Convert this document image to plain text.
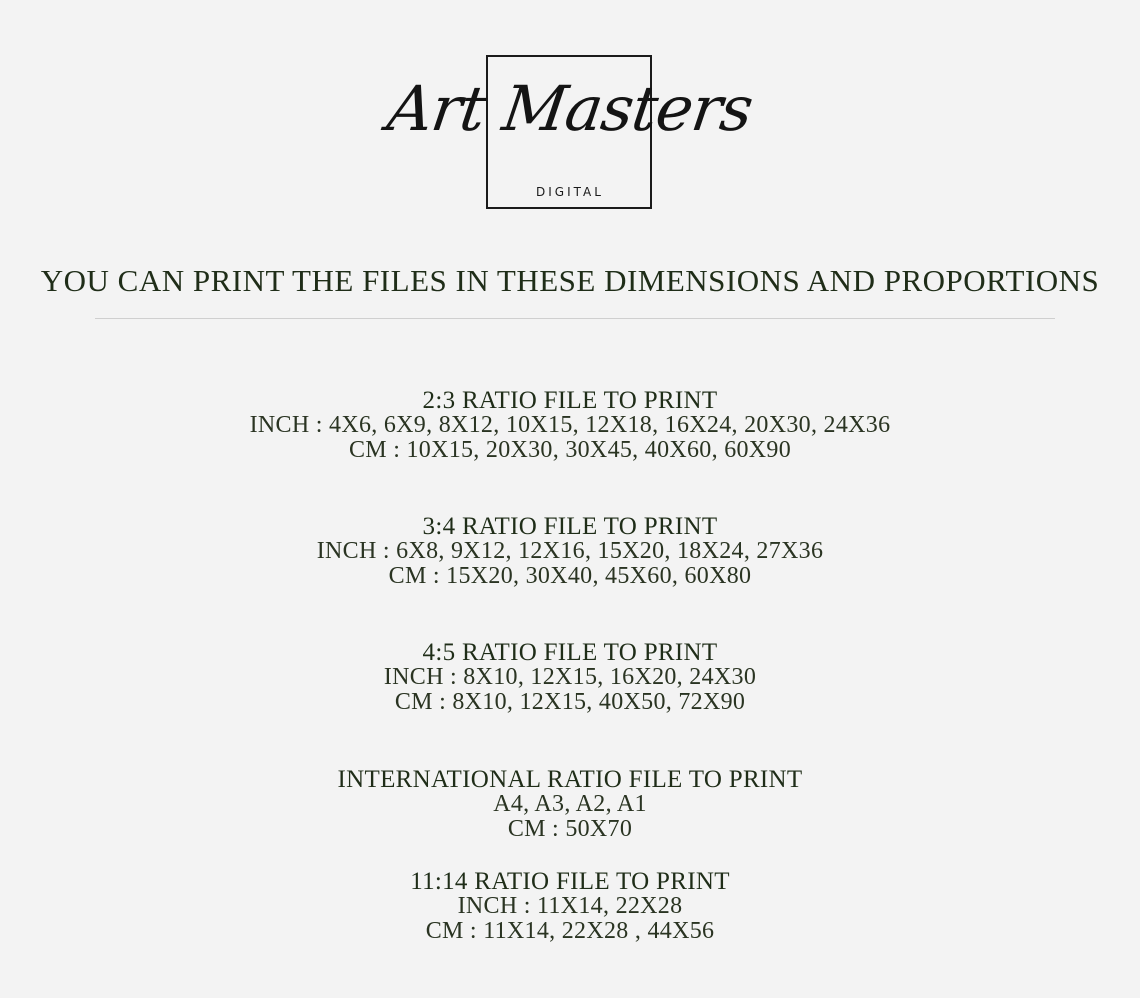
Art Masters
DIGITAL
YOU CAN PRINT THE FILES IN THESE DIMENSIONS AND PROPORTIONS
2:3 RATIO FILE TO PRINT
INCH : 4X6, 6X9, 8X12, 10X15, 12X18, 16X24, 20X30, 24X36
CM : 10X15, 20X30, 30X45, 40X60, 60X90
3:4 RATIO FILE TO PRINT
INCH : 6X8, 9X12, 12X16, 15X20, 18X24, 27X36
CM : 15X20, 30X40, 45X60, 60X80
4:5 RATIO FILE TO PRINT
INCH : 8X10, 12X15, 16X20, 24X30
CM : 8X10, 12X15, 40X50, 72X90
INTERNATIONAL RATIO FILE TO PRINT
A4, A3, A2, A1
CM : 50X70
11:14 RATIO FILE TO PRINT
INCH : 11X14, 22X28
CM : 11X14, 22X28 , 44X56
